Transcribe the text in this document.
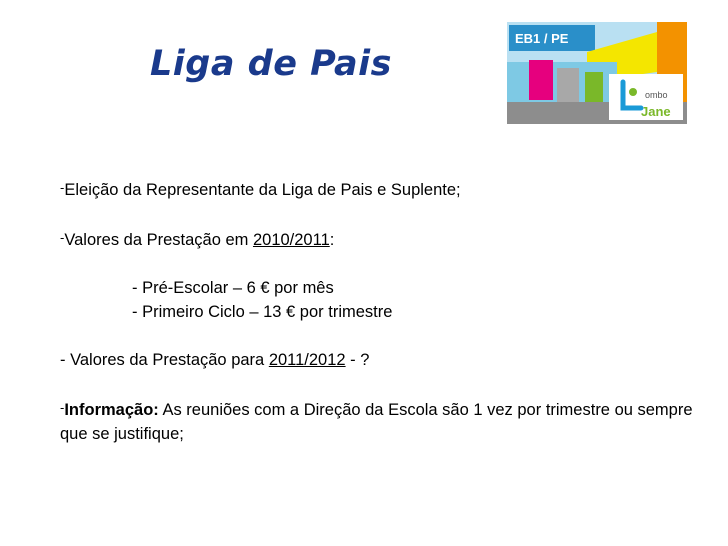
Liga de Pais
EB1 / PE
ombo
Jane

-Eleição da Representante da Liga de Pais e Suplente;

-Valores da Prestação em 2010/2011:

- Pré-Escolar – 6 € por mês

- Primeiro Ciclo – 13 € por trimestre

- Valores da Prestação para 2011/2012 - ?

-Informação: As reuniões com a Direção da Escola são 1 vez por trimestre ou sempre que se justifique;
